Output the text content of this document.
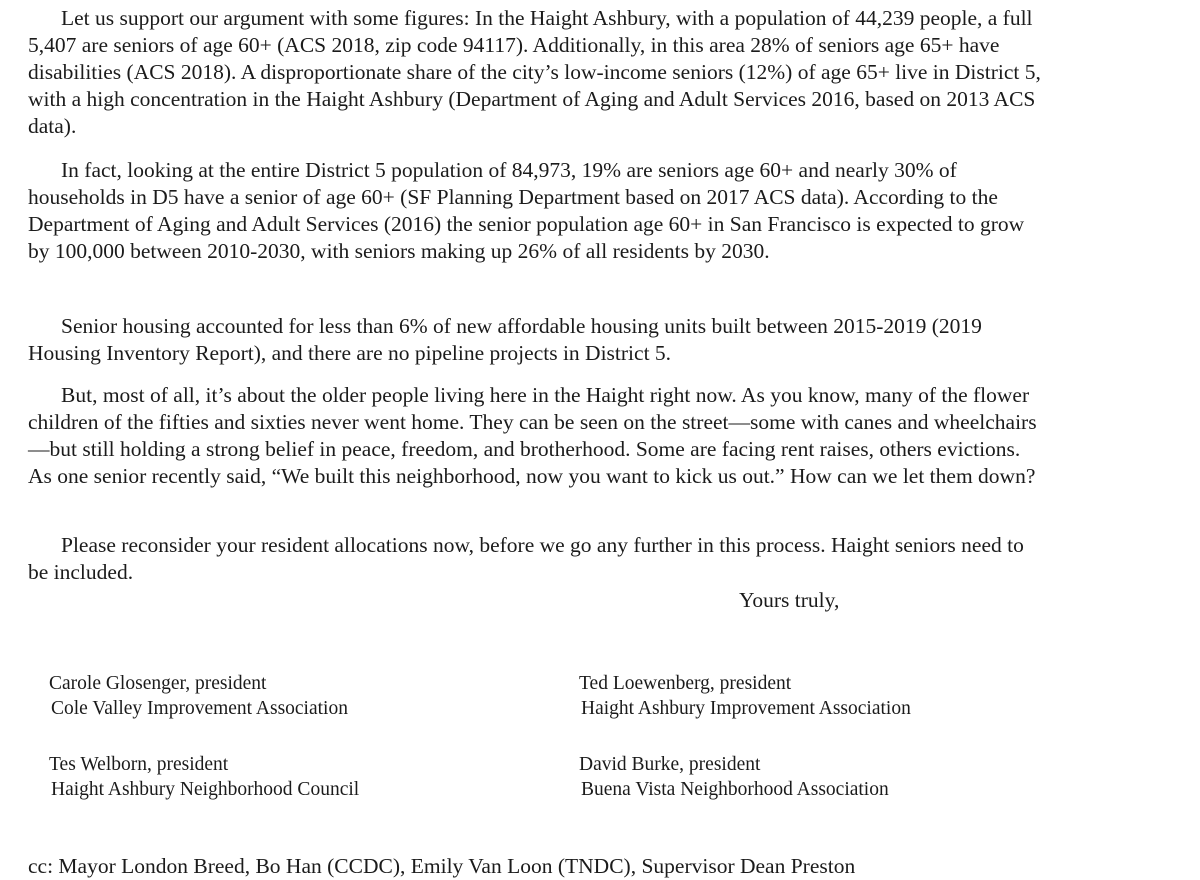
Let us support our argument with some figures: In the Haight Ashbury, with a population of 44,239 people, a full 5,407 are seniors of age 60+ (ACS 2018, zip code 94117). Additionally, in this area 28% of seniors age 65+ have disabilities (ACS 2018). A disproportionate share of the city’s low-income seniors (12%) of age 65+ live in District 5, with a high concentration in the Haight Ashbury (Department of Aging and Adult Services 2016, based on 2013 ACS data).

In fact, looking at the entire District 5 population of 84,973, 19% are seniors age 60+ and nearly 30% of households in D5 have a senior of age 60+ (SF Planning Department based on 2017 ACS data). According to the Department of Aging and Adult Services (2016) the senior population age 60+ in San Francisco is expected to grow by 100,000 between 2010-2030, with seniors making up 26% of all residents by 2030.

Senior housing accounted for less than 6% of new affordable housing units built between 2015-2019 (2019 Housing Inventory Report), and there are no pipeline projects in District 5.

But, most of all, it’s about the older people living here in the Haight right now. As you know, many of the flower children of the fifties and sixties never went home. They can be seen on the street—some with canes and wheelchairs—but still holding a strong belief in peace, freedom, and brotherhood. Some are facing rent raises, others evictions. As one senior recently said, “We built this neighborhood, now you want to kick us out.” How can we let them down?

Please reconsider your resident allocations now, before we go any further in this process. Haight seniors need to be included.

Yours truly,
Carole Glosenger, president
Cole Valley Improvement Association
Ted Loewenberg, president
Haight Ashbury Improvement Association
Tes Welborn, president
Haight Ashbury Neighborhood Council
David Burke, president
Buena Vista Neighborhood Association
cc: Mayor London Breed, Bo Han (CCDC), Emily Van Loon (TNDC), Supervisor Dean Preston
